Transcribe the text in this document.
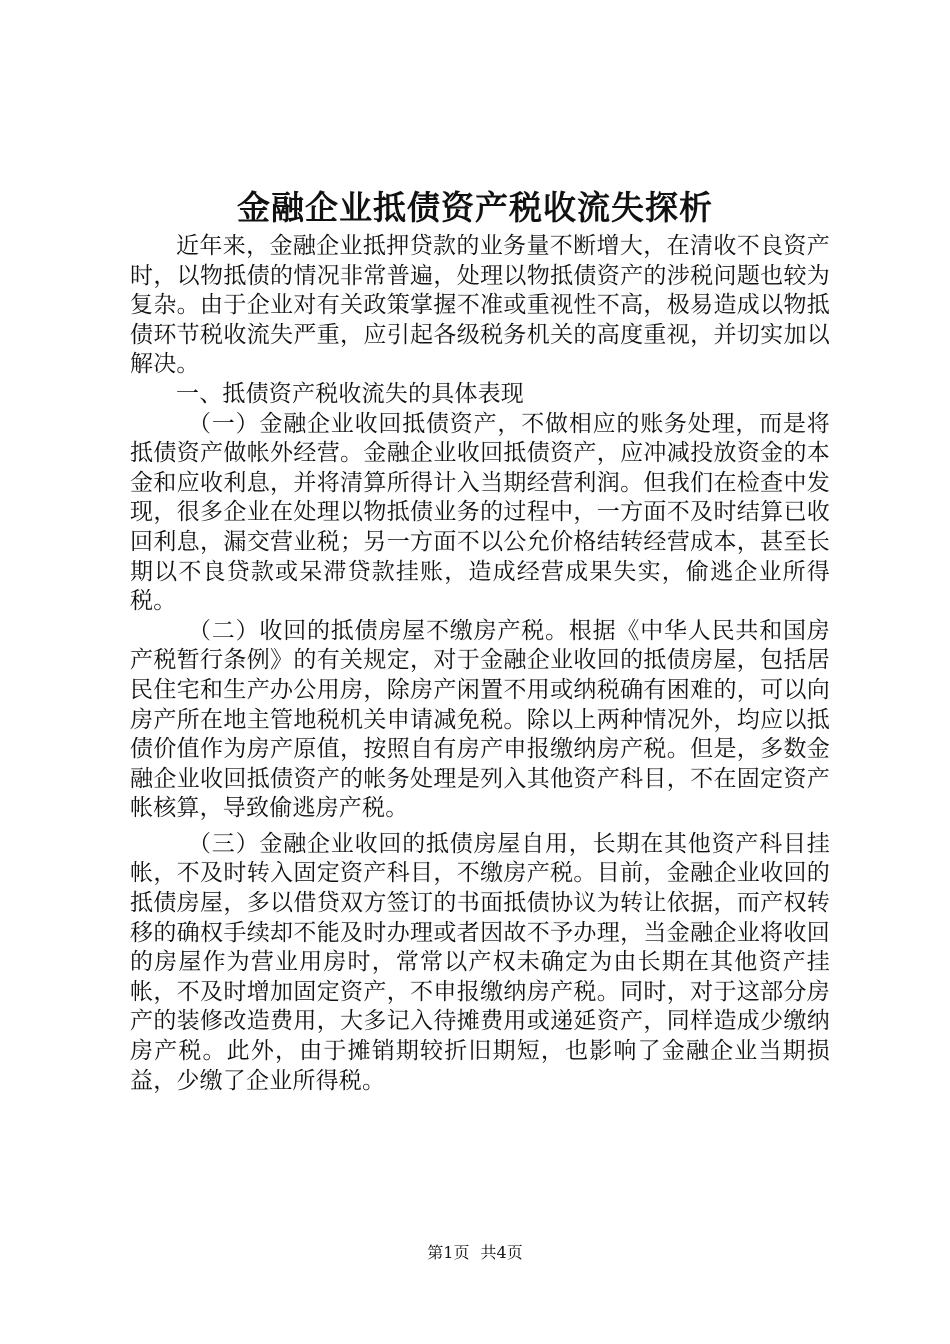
金融企业抵债资产税收流失探析

近年来，金融企业抵押贷款的业务量不断增大，在清收不良资产时，以物抵债的情况非常普遍，处理以物抵债资产的涉税问题也较为复杂。由于企业对有关政策掌握不准或重视性不高，极易造成以物抵债环节税收流失严重，应引起各级税务机关的高度重视，并切实加以解决。

一、抵债资产税收流失的具体表现

（一）金融企业收回抵债资产，不做相应的账务处理，而是将抵债资产做帐外经营。金融企业收回抵债资产，应冲减投放资金的本金和应收利息，并将清算所得计入当期经营利润。但我们在检查中发现，很多企业在处理以物抵债业务的过程中，一方面不及时结算已收回利息，漏交营业税；另一方面不以公允价格结转经营成本，甚至长期以不良贷款或呆滞贷款挂账，造成经营成果失实，偷逃企业所得税。

（二）收回的抵债房屋不缴房产税。根据《中华人民共和国房产税暂行条例》的有关规定，对于金融企业收回的抵债房屋，包括居民住宅和生产办公用房，除房产闲置不用或纳税确有困难的，可以向房产所在地主管地税机关申请减免税。除以上两种情况外，均应以抵债价值作为房产原值，按照自有房产申报缴纳房产税。但是，多数金融企业收回抵债资产的帐务处理是列入其他资产科目，不在固定资产帐核算，导致偷逃房产税。

（三）金融企业收回的抵债房屋自用，长期在其他资产科目挂帐，不及时转入固定资产科目，不缴房产税。目前，金融企业收回的抵债房屋，多以借贷双方签订的书面抵债协议为转让依据，而产权转移的确权手续却不能及时办理或者因故不予办理，当金融企业将收回的房屋作为营业用房时，常常以产权未确定为由长期在其他资产挂帐，不及时增加固定资产，不申报缴纳房产税。同时，对于这部分房产的装修改造费用，大多记入待摊费用或递延资产，同样造成少缴纳房产税。此外，由于摊销期较折旧期短，也影响了金融企业当期损益，少缴了企业所得税。

第1页 共4页
